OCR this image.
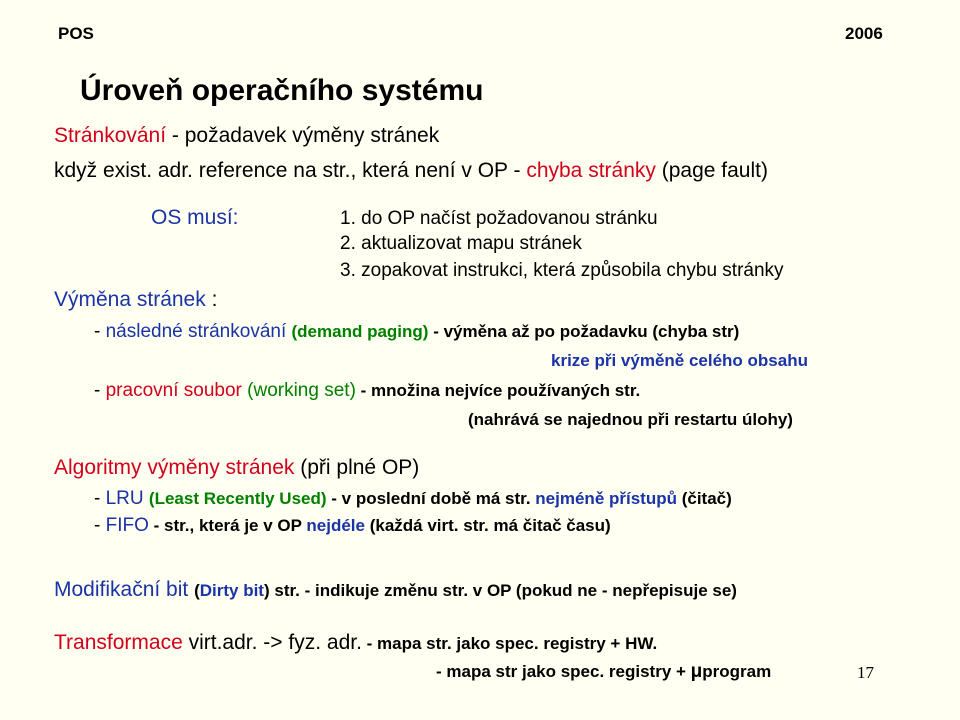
POS	2006
Úroveň operačního systému
Stránkování - požadavek výměny stránek
když exist. adr. reference na str., která není v OP - chyba stránky (page fault)
OS musí:	1. do OP načíst požadovanou stránku
2. aktualizovat mapu stránek
3. zopakovat instrukci, která způsobila chybu stránky
Výměna stránek :
- následné stránkování (demand paging) - výměna až po požadavku (chyba str)
krize při výměně celého obsahu
- pracovní soubor (working set) - množina nejvíce používaných str.
(nahrává se najednou při restartu úlohy)
Algoritmy výměny stránek (při plné OP)
- LRU (Least Recently Used) - v poslední době má str. nejméně přístupů (čitač)
- FIFO - str., která je v OP nejdéle (každá virt. str. má čitač času)
Modifikační bit (Dirty bit) str. - indikuje změnu str. v OP (pokud ne - nepřepisuje se)
Transformace virt.adr. -> fyz. adr. - mapa str. jako spec. registry + HW.
- mapa str jako spec. registry + μprogram	17
